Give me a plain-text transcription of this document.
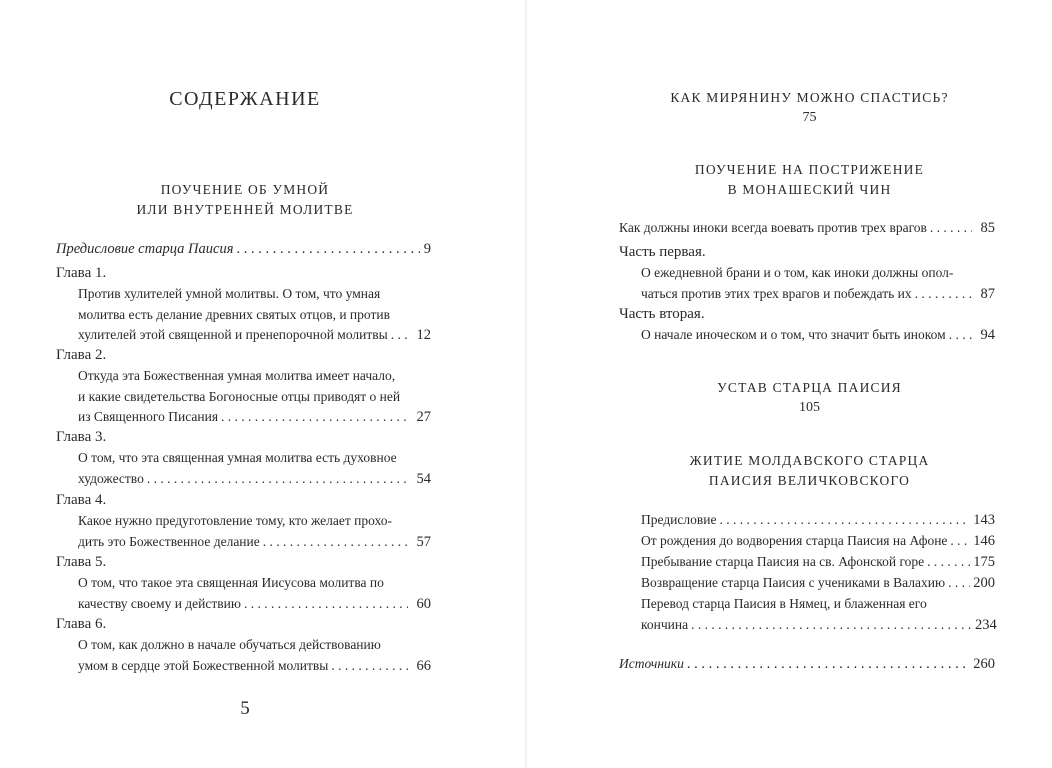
СОДЕРЖАНИЕ
ПОУЧЕНИЕ ОБ УМНОЙ
ИЛИ ВНУТРЕННЕЙ МОЛИТВЕ
Предисловие старца Паисия . . .	9
Глава 1.
Против хулителей умной молитвы. О том, что умная
молитва есть делание древних святых отцов, и против
хулителей этой священной и пренепорочной молитвы . . .	12
Глава 2.
Откуда эта Божественная умная молитва имеет начало,
и какие свидетельства Богоносные отцы приводят о ней
из Священного Писания . . .	27
Глава 3.
О том, что эта священная умная молитва есть духовное
художество . . .	54
Глава 4.
Какое нужно предуготовление тому, кто желает прохо-
дить это Божественное делание . . .	57
Глава 5.
О том, что такое эта священная Иисусова молитва по
качеству своему и действию . . .	60
Глава 6.
О том, как должно в начале обучаться действованию
умом в сердце этой Божественной молитвы . . .	66
5
КАК МИРЯНИНУ МОЖНО СПАСТИСЬ?
75
ПОУЧЕНИЕ НА ПОСТРИЖЕНИЕ
В МОНАШЕСКИЙ ЧИН
Как должны иноки всегда воевать против трех врагов . . .	85
Часть первая.
О ежедневной брани и о том, как иноки должны опол-
чаться против этих трех врагов и побеждать их . . .	87
Часть вторая.
О начале иноческом и о том, что значит быть иноком . . .	94
УСТАВ СТАРЦА ПАИСИЯ
105
ЖИТИЕ МОЛДАВСКОГО СТАРЦА
ПАИСИЯ ВЕЛИЧКОВСКОГО
Предисловие . . .	143
От рождения до водворения старца Паисия на Афоне . . . 146
Пребывание старца Паисия на св. Афонской горе . . .	175
Возвращение старца Паисия с учениками в Валахию . . . 200
Перевод старца Паисия в Нямец, и блаженная его
кончина . . .	234
Источники . . .	260
